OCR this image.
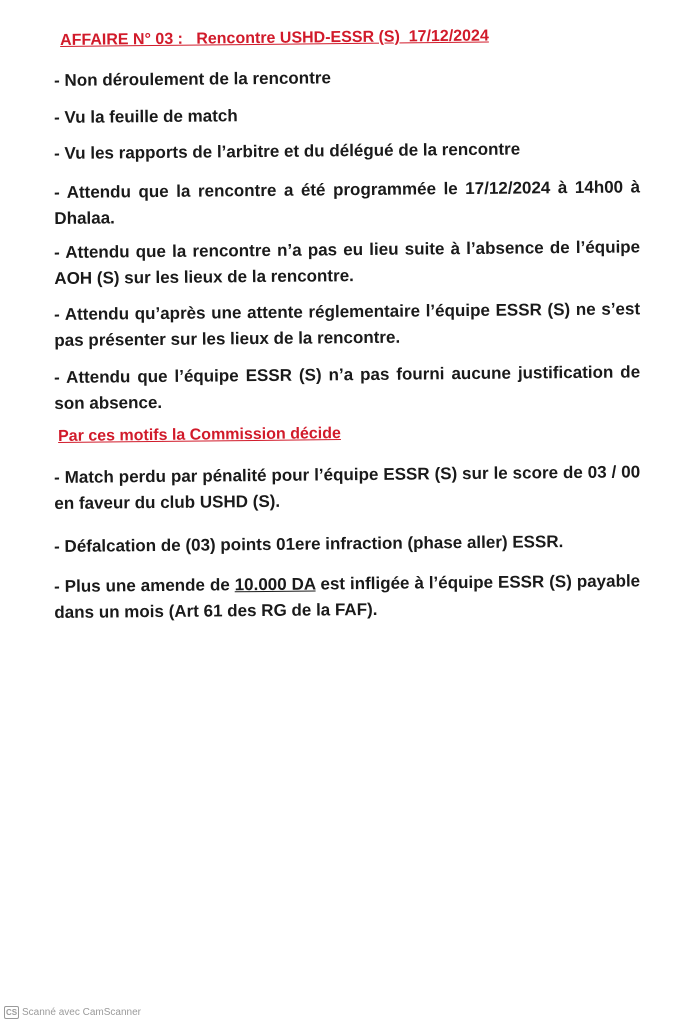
AFFAIRE N° 03 :   Rencontre USHD-ESSR (S)  17/12/2024
- Non déroulement de la rencontre
- Vu la feuille de match
- Vu les rapports de l’arbitre et du délégué de la rencontre
- Attendu que la rencontre a été programmée le 17/12/2024 à 14h00 à Dhalaa.
- Attendu que la rencontre n’a pas eu lieu suite à l’absence de l’équipe AOH (S) sur les lieux de la rencontre.
- Attendu qu’après une attente réglementaire l’équipe ESSR (S) ne s’est pas présenter sur les lieux de la rencontre.
- Attendu que l’équipe ESSR (S) n’a pas fourni aucune justification de son absence.
Par ces motifs la Commission décide
- Match perdu par pénalité pour l’équipe ESSR (S) sur le score de 03 / 00 en faveur du club USHD (S).
- Défalcation de (03) points 01ere infraction (phase aller) ESSR.
- Plus une amende de 10.000 DA est infligée à l’équipe ESSR (S) payable dans un mois (Art 61 des RG de la FAF).
CS Scanné avec CamScanner
